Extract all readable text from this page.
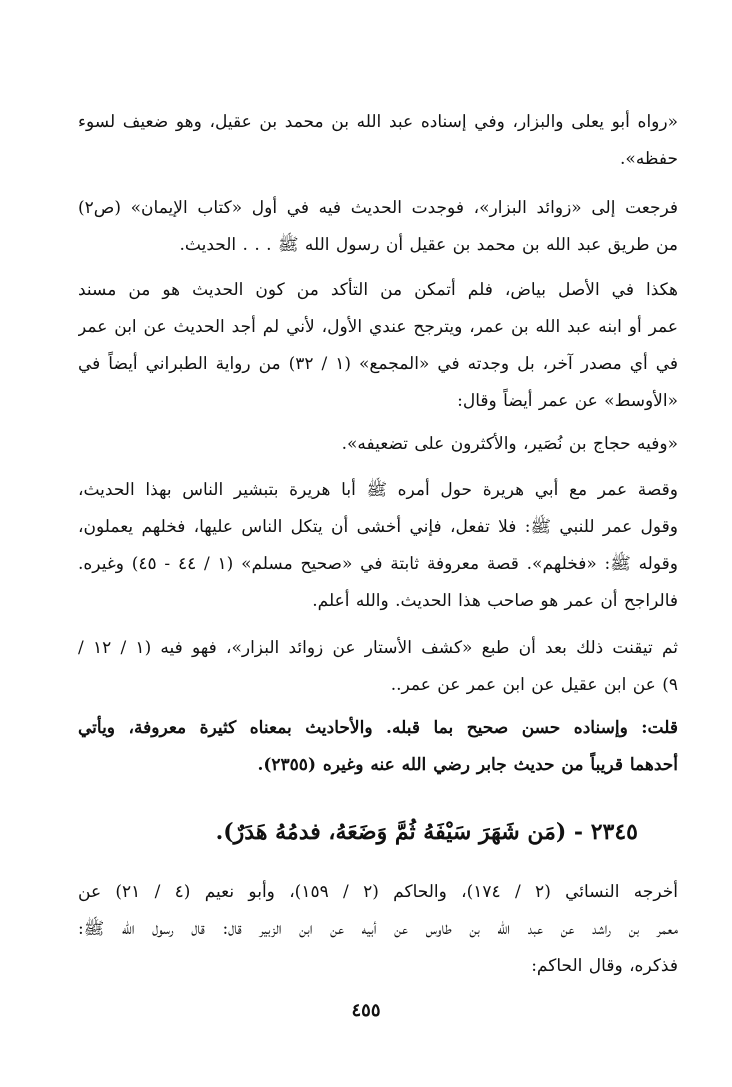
«رواه أبو يعلى والبزار، وفي إسناده عبد الله بن محمد بن عقيل، وهو ضعيف لسوء
حفظه».
فرجعت إلى «زوائد البزار»، فوجدت الحديث فيه في أول «كتاب الإيمان» (ص٢)
من طريق عبد الله بن محمد بن عقيل أن رسول الله ﷺ . . . الحديث.
هكذا في الأصل بياض، فلم أتمكن من التأكد من كون الحديث هو من مسند
عمر أو ابنه عبد الله بن عمر، ويترجح عندي الأول، لأني لم أجد الحديث عن ابن عمر
في أي مصدر آخر، بل وجدته في «المجمع» (١ / ٣٢) من رواية الطبراني أيضاً في
«الأوسط» عن عمر أيضاً وقال:
«وفيه حجاج بن نُصَير، والأكثرون على تضعيفه».
وقصة عمر مع أبي هريرة حول أمره ﷺ أبا هريرة بتبشير الناس بهذا الحديث،
وقول عمر للنبي ﷺ: فلا تفعل، فإني أخشى أن يتكل الناس عليها، فخلهم يعملون،
وقوله ﷺ: «فخلهم». قصة معروفة ثابتة في «صحيح مسلم» (١ / ٤٤ - ٤٥) وغيره.
فالراجح أن عمر هو صاحب هذا الحديث. والله أعلم.
ثم تيقنت ذلك بعد أن طبع «كشف الأستار عن زوائد البزار»، فهو فيه (١ / ١٢ /
٩) عن ابن عقيل عن ابن عمر عن عمر..
قلت: وإسناده حسن صحيح بما قبله. والأحاديث بمعناه كثيرة معروفة، ويأتي
أحدهما قريباً من حديث جابر رضي الله عنه وغيره (٢٣٥٥).
٢٣٤٥ - (مَن شَهَرَ سَيْفَهُ ثُمَّ وَضَعَهُ، فدمُهُ هَدَرٌ).
أخرجه النسائي (٢ / ١٧٤)، والحاكم (٢ / ١٥٩)، وأبو نعيم (٤ / ٢١) عن
معمر بن راشد عن عبد الله بن طاوس عن أبيه عن ابن الزبير قال: قال رسول الله ﷺ:
فذكره، وقال الحاكم:
٤٥٥
